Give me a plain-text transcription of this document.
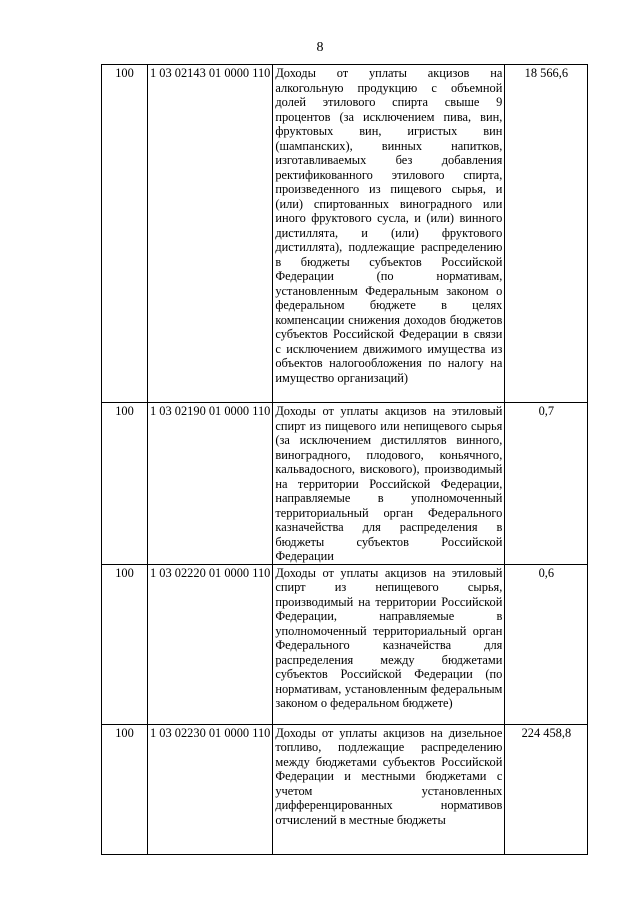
8
100	1 03 02143 01 0000 110	Доходы от уплаты акцизов на алкогольную продукцию с объемной долей этилового спирта свыше 9 процентов (за исключением пива, вин, фруктовых вин, игристых вин (шампанских), винных напитков, изготавливаемых без добавления ректификованного этилового спирта, произведенного из пищевого сырья, и (или) спиртованных виноградного или иного фруктового сусла, и (или) винного дистиллята, и (или) фруктового дистиллята), подлежащие распределению в бюджеты субъектов Российской Федерации (по нормативам, установленным Федеральным законом о федеральном бюджете в целях компенсации снижения доходов бюджетов субъектов Российской Федерации в связи с исключением движимого имущества из объектов налогообложения по налогу на имущество организаций)	18 566,6
100	1 03 02190 01 0000 110	Доходы от уплаты акцизов на этиловый спирт из пищевого или непищевого сырья (за исключением дистиллятов винного, виноградного, плодового, коньячного, кальвадосного, вискового), производимый на территории Российской Федерации, направляемые в уполномоченный территориальный орган Федерального казначейства для распределения в бюджеты субъектов Российской Федерации	0,7
100	1 03 02220 01 0000 110	Доходы от уплаты акцизов на этиловый спирт из непищевого сырья, производимый на территории Российской Федерации, направляемые в уполномоченный территориальный орган Федерального казначейства для распределения между бюджетами субъектов Российской Федерации (по нормативам, установленным федеральным законом о федеральном бюджете)	0,6
100	1 03 02230 01 0000 110	Доходы от уплаты акцизов на дизельное топливо, подлежащие распределению между бюджетами субъектов Российской Федерации и местными бюджетами с учетом установленных дифференцированных нормативов отчислений в местные бюджеты	224 458,8
